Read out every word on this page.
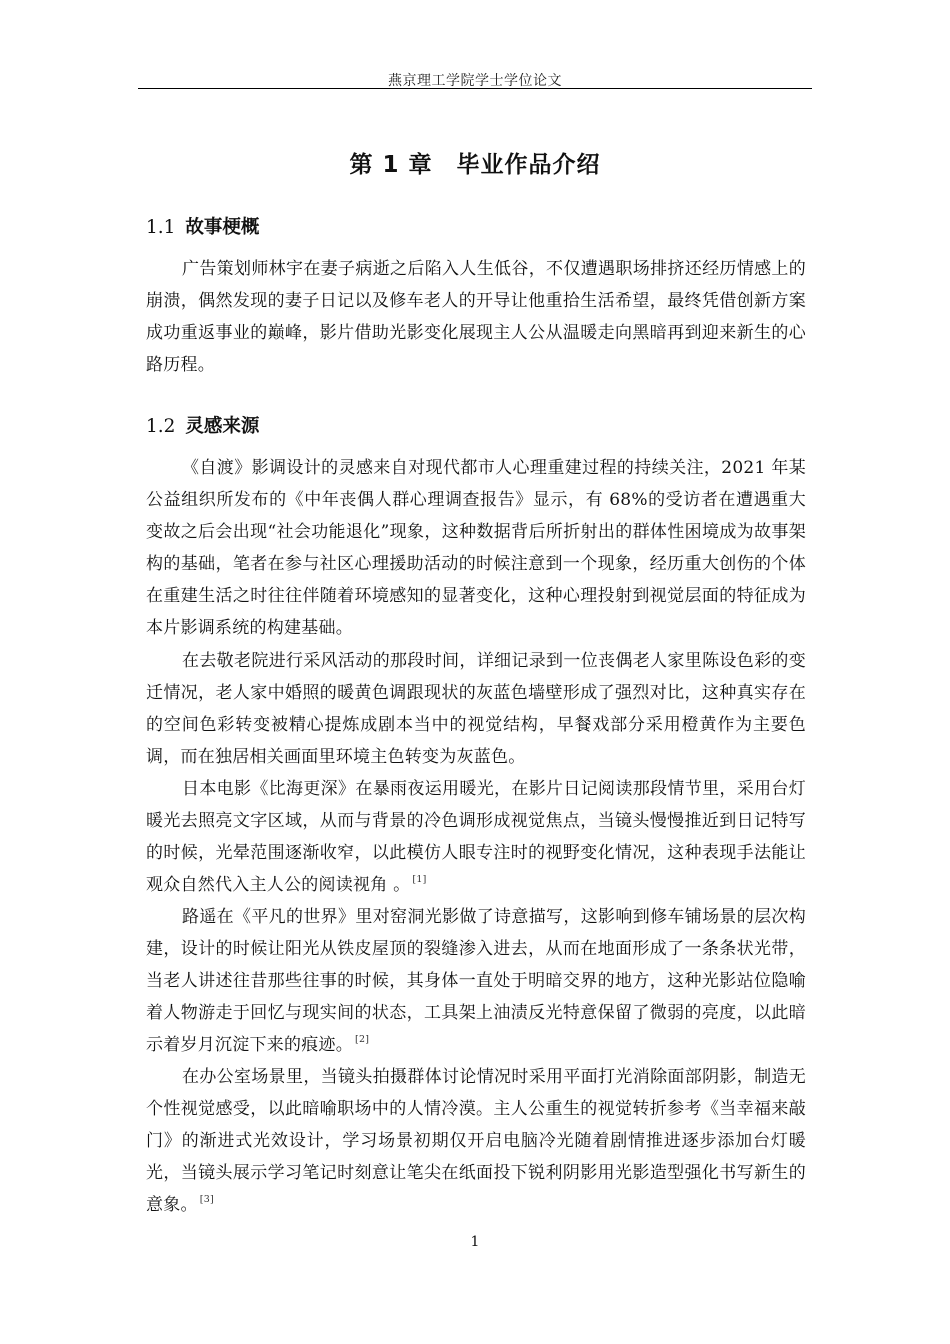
燕京理工学院学士学位论文
第 1 章　毕业作品介绍
1.1 故事梗概

广告策划师林宇在妻子病逝之后陷入人生低谷，不仅遭遇职场排挤还经历情感上的崩溃，偶然发现的妻子日记以及修车老人的开导让他重拾生活希望，最终凭借创新方案成功重返事业的巅峰，影片借助光影变化展现主人公从温暖走向黑暗再到迎来新生的心路历程。

1.2 灵感来源

《自渡》影调设计的灵感来自对现代都市人心理重建过程的持续关注，2021 年某公益组织所发布的《中年丧偶人群心理调查报告》显示，有 68%的受访者在遭遇重大变故之后会出现“社会功能退化”现象，这种数据背后所折射出的群体性困境成为故事架构的基础，笔者在参与社区心理援助活动的时候注意到一个现象，经历重大创伤的个体在重建生活之时往往伴随着环境感知的显著变化，这种心理投射到视觉层面的特征成为本片影调系统的构建基础。

在去敬老院进行采风活动的那段时间，详细记录到一位丧偶老人家里陈设色彩的变迁情况，老人家中婚照的暖黄色调跟现状的灰蓝色墙壁形成了强烈对比，这种真实存在的空间色彩转变被精心提炼成剧本当中的视觉结构，早餐戏部分采用橙黄作为主要色调，而在独居相关画面里环境主色转变为灰蓝色。

日本电影《比海更深》在暴雨夜运用暖光，在影片日记阅读那段情节里，采用台灯暖光去照亮文字区域，从而与背景的冷色调形成视觉焦点，当镜头慢慢推近到日记特写的时候，光晕范围逐渐收窄，以此模仿人眼专注时的视野变化情况，这种表现手法能让观众自然代入主人公的阅读视角 。 [1]

路遥在《平凡的世界》里对窑洞光影做了诗意描写，这影响到修车铺场景的层次构建，设计的时候让阳光从铁皮屋顶的裂缝渗入进去，从而在地面形成了一条条状光带，当老人讲述往昔那些往事的时候，其身体一直处于明暗交界的地方，这种光影站位隐喻着人物游走于回忆与现实间的状态，工具架上油渍反光特意保留了微弱的亮度，以此暗示着岁月沉淀下来的痕迹。 [2]

在办公室场景里，当镜头拍摄群体讨论情况时采用平面打光消除面部阴影，制造无个性视觉感受，以此暗喻职场中的人情冷漠。主人公重生的视觉转折参考《当幸福来敲门》的渐进式光效设计，学习场景初期仅开启电脑冷光随着剧情推进逐步添加台灯暖光，当镜头展示学习笔记时刻意让笔尖在纸面投下锐利阴影用光影造型强化书写新生的意象。 [3]

1
